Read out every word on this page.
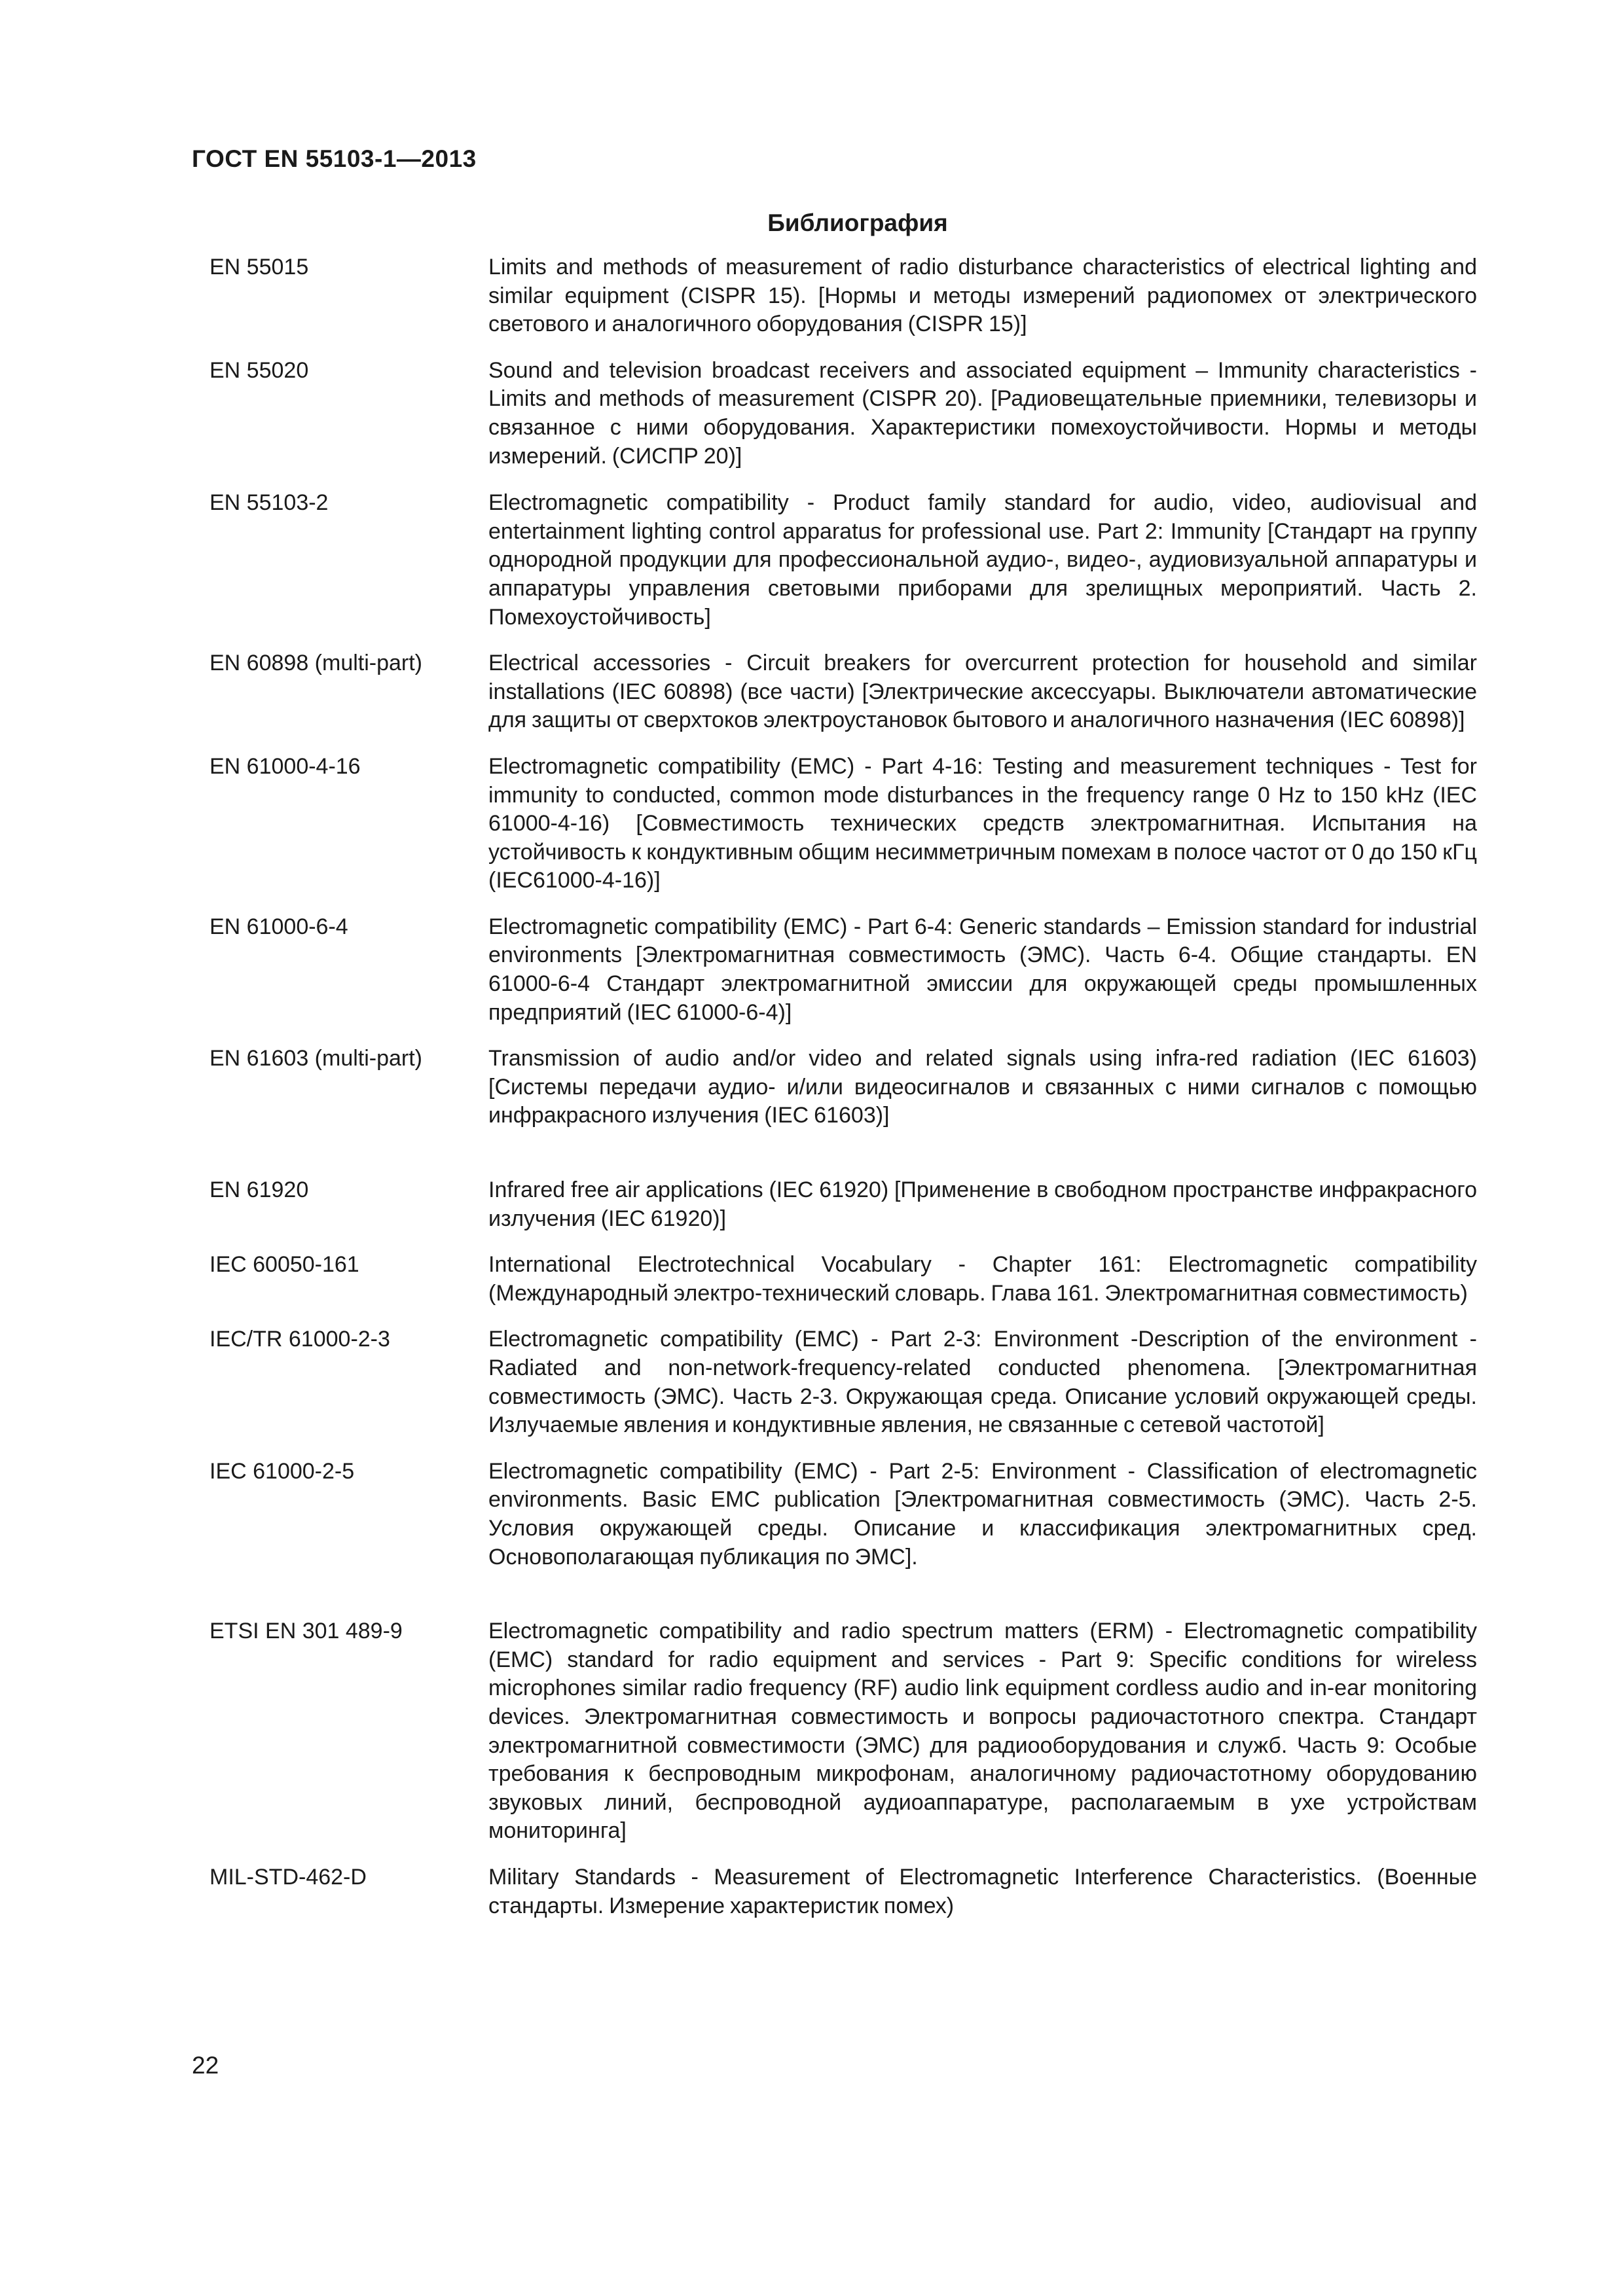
ГОСТ EN 55103-1—2013
Библиография
EN 55015	Limits and methods of measurement of radio disturbance characteristics of electrical lighting and similar equipment (CISPR 15). [Нормы и методы измерений радиопомех от электрического светового и аналогичного оборудования (CISPR 15)]
EN 55020	Sound and television broadcast receivers and associated equipment – Immunity characteristics - Limits and methods of measurement (CISPR 20). [Радиовещательные приемники, телевизоры и связанное с ними оборудования. Характеристики помехоустойчивости. Нормы и методы измерений. (СИСПР 20)]
EN 55103-2	Electromagnetic compatibility - Product family standard for audio, video, audiovisual and entertainment lighting control apparatus for professional use. Part 2: Immunity [Стандарт на группу однородной продукции для профессиональной аудио-, видео-, аудиовизуальной аппаратуры и аппаратуры управления световыми приборами для зрелищных мероприятий. Часть 2. Помехоустойчивость]
EN 60898 (multi-part)	Electrical accessories - Circuit breakers for overcurrent protection for household and similar installations (IEC 60898) (все части) [Электрические аксессуары. Выключатели автоматические для защиты от сверхтоков электроустановок бытового и аналогичного назначения (IEC 60898)]
EN 61000-4-16	Electromagnetic compatibility (EMC) - Part 4-16: Testing and measurement techniques - Test for immunity to conducted, common mode disturbances in the frequency range 0 Hz to 150 kHz (IEC 61000-4-16) [Совместимость технических средств электромагнитная. Испытания на устойчивость к кондуктивным общим несимметричным помехам в полосе частот от 0 до 150 кГц (IEC61000-4-16)]
EN 61000-6-4	Electromagnetic compatibility (EMC) - Part 6-4: Generic standards – Emission standard for industrial environments [Электромагнитная совместимость (ЭМС). Часть 6-4. Общие стандарты. EN 61000-6-4 Стандарт электромагнитной эмиссии для окружающей среды промышленных предприятий (IEC 61000-6-4)]
EN 61603 (multi-part)	Transmission of audio and/or video and related signals using infra-red radiation (IEC 61603) [Системы передачи аудио- и/или видеосигналов и связанных с ними сигналов с помощью инфракрасного излучения (IEC 61603)]
EN 61920	Infrared free air applications (IEC 61920) [Применение в свободном пространстве инфракрасного излучения (IEC 61920)]
IEC 60050-161	International Electrotechnical Vocabulary - Chapter 161: Electromagnetic compatibility (Международный электро-технический словарь. Глава 161. Электромагнитная совместимость)
IEC/TR 61000-2-3	Electromagnetic compatibility (EMC) - Part 2-3: Environment -Description of the environment - Radiated and non-network-frequency-related conducted phenomena. [Электромагнитная совместимость (ЭМС). Часть 2-3. Окружающая среда. Описание условий окружающей среды. Излучаемые явления и кондуктивные явления, не связанные с сетевой частотой]
IEC 61000-2-5	Electromagnetic compatibility (EMC) - Part 2-5: Environment - Classification of electromagnetic environments. Basic EMC publication [Электромагнитная совместимость (ЭМС). Часть 2-5. Условия окружающей среды. Описание и классификация электромагнитных сред. Основополагающая публикация по ЭМС].
ETSI EN 301 489-9	Electromagnetic compatibility and radio spectrum matters (ERM) - Electromagnetic compatibility (EMC) standard for radio equipment and services - Part 9: Specific conditions for wireless microphones similar radio frequency (RF) audio link equipment cordless audio and in-ear monitoring devices. Электромагнитная совместимость и вопросы радиочастотного спектра. Стандарт электромагнитной совместимости (ЭМС) для радиооборудования и служб. Часть 9: Особые требования к беспроводным микрофонам, аналогичному радиочастотному оборудованию звуковых линий, беспроводной аудиоаппаратуре, располагаемым в ухе устройствам мониторинга]
MIL-STD-462-D	Military Standards - Measurement of Electromagnetic Interference Characteristics. (Военные стандарты. Измерение характеристик помех)
22
